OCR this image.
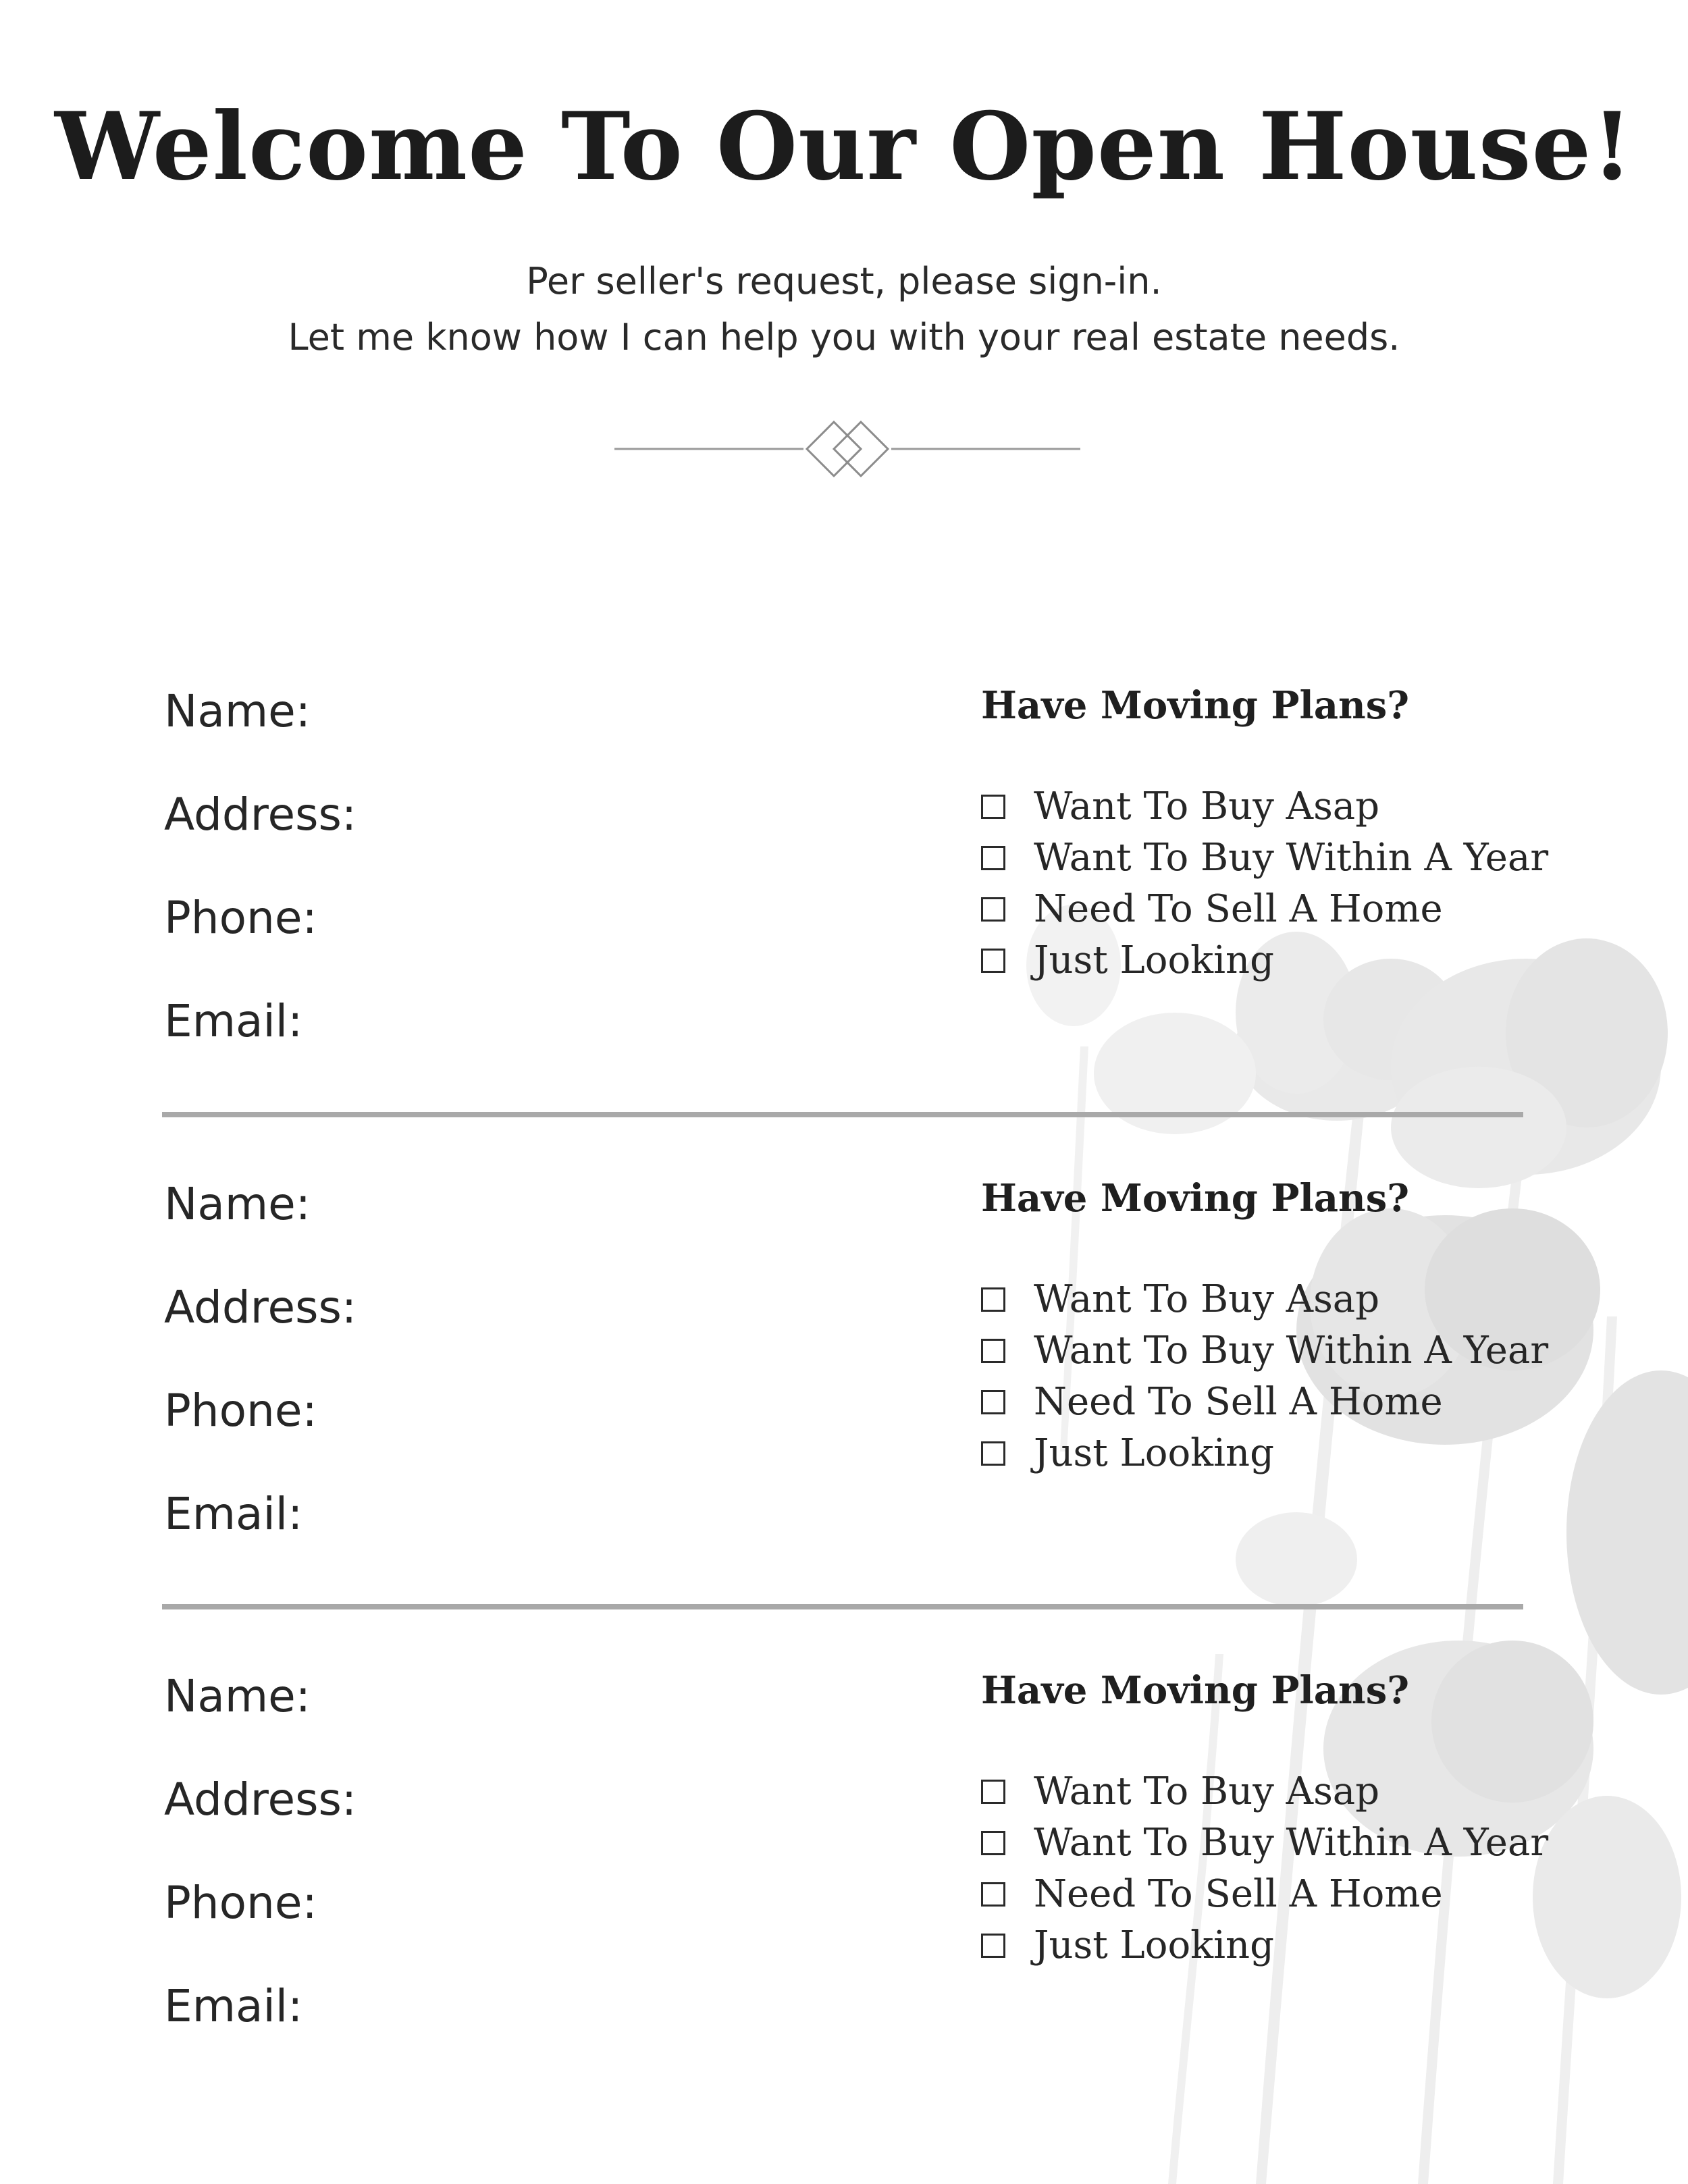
Welcome To Our Open House!
Per seller's request, please sign-in.
Let me know how I can help you with your real estate needs.
Name:
Address:
Phone:
Email:
Have Moving Plans?
Want To Buy Asap
Want To Buy Within A Year
Need To Sell A Home
Just Looking
Name:
Address:
Phone:
Email:
Have Moving Plans?
Want To Buy Asap
Want To Buy Within A Year
Need To Sell A Home
Just Looking
Name:
Address:
Phone:
Email:
Have Moving Plans?
Want To Buy Asap
Want To Buy Within A Year
Need To Sell A Home
Just Looking
